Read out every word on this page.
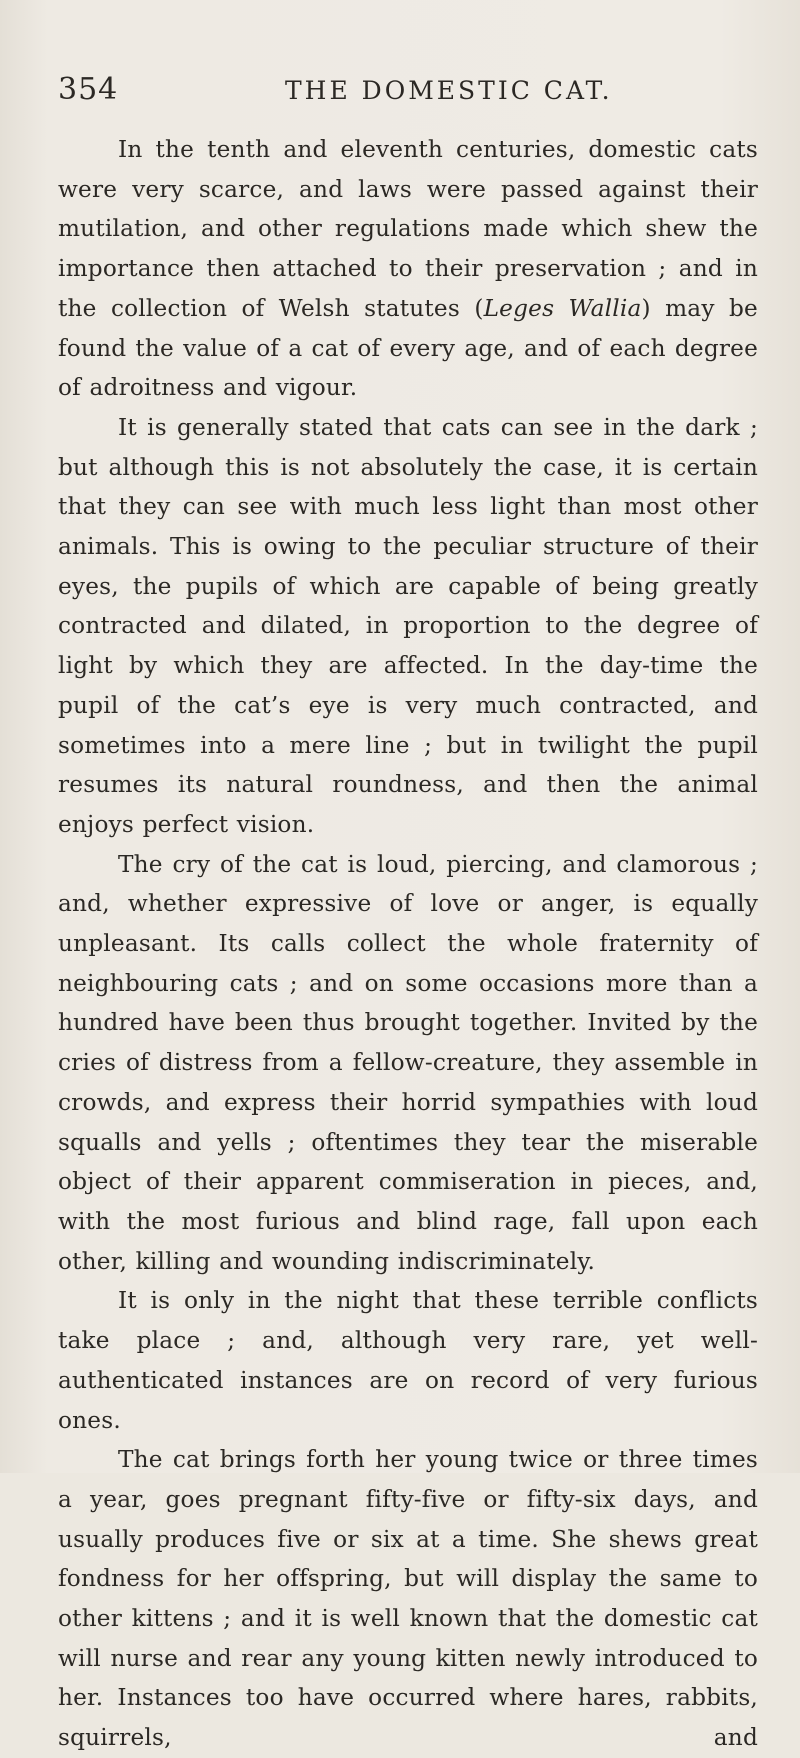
354	THE DOMESTIC CAT.

In the tenth and eleventh centuries, domestic cats were very scarce, and laws were passed against their mutilation, and other regulations made which shew the importance then attached to their preservation ; and in the collection of Welsh statutes (Leges Wallia) may be found the value of a cat of every age, and of each degree of adroitness and vigour.

It is generally stated that cats can see in the dark ; but although this is not absolutely the case, it is certain that they can see with much less light than most other animals. This is owing to the peculiar structure of their eyes, the pupils of which are capable of being greatly contracted and dilated, in proportion to the degree of light by which they are affected. In the day-time the pupil of the cat’s eye is very much contracted, and sometimes into a mere line ; but in twilight the pupil resumes its natural roundness, and then the animal enjoys perfect vision.

The cry of the cat is loud, piercing, and clamorous ; and, whether expressive of love or anger, is equally unpleasant. Its calls collect the whole fraternity of neighbouring cats ; and on some occasions more than a hundred have been thus brought together. Invited by the cries of distress from a fellow-creature, they assemble in crowds, and express their horrid sympathies with loud squalls and yells ; oftentimes they tear the miserable object of their apparent commiseration in pieces, and, with the most furious and blind rage, fall upon each other, killing and wounding indiscriminately.

It is only in the night that these terrible conflicts take place ; and, although very rare, yet well-authenticated instances are on record of very furious ones.

The cat brings forth her young twice or three times a year, goes pregnant fifty-five or fifty-six days, and usually produces five or six at a time. She shews great fondness for her offspring, but will display the same to other kittens ; and it is well known that the domestic cat will nurse and rear any young kitten newly introduced to her. Instances too have occurred where hares, rabbits, squirrels, and
